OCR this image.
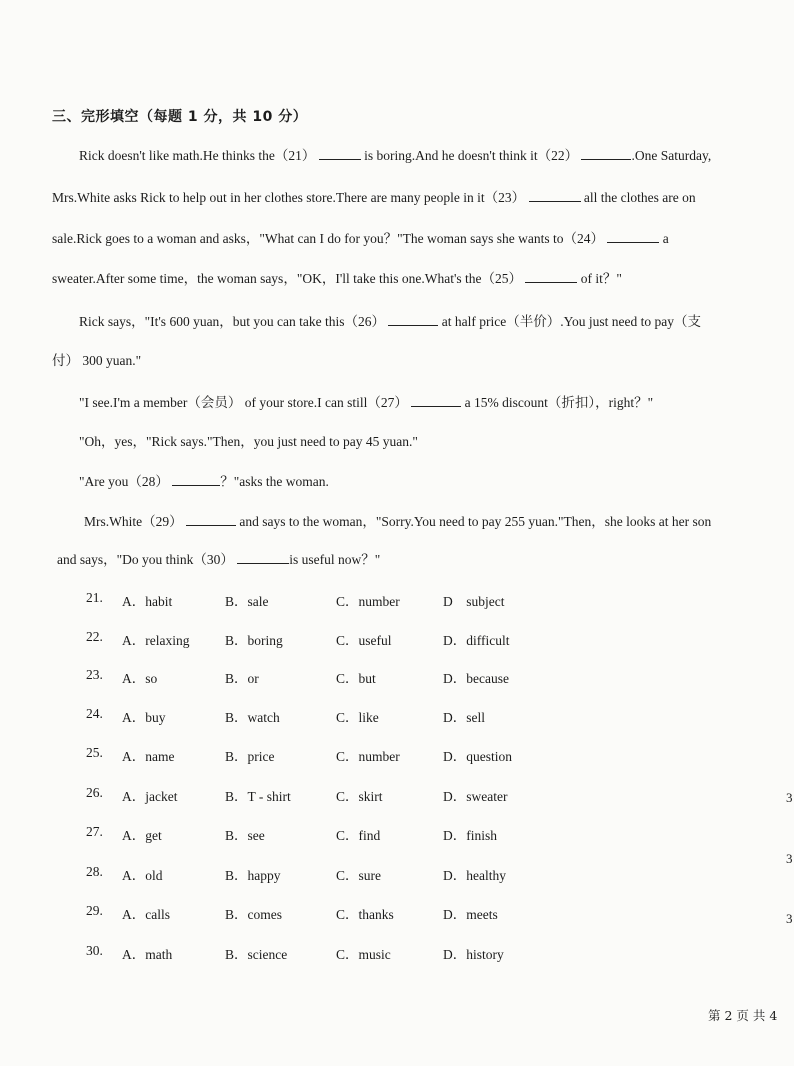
三、完形填空（每题 1 分，共 10 分）
Rick doesn't like math.He thinks the（21）	is boring.And he doesn't think it（22）	.One Saturday,
Mrs.White asks Rick to help out in her clothes store.There are many people in it（23）	all the clothes are on
sale.Rick goes to a woman and asks，"What can I do for you？"The woman says she wants to（24）	a
sweater.After some time，the woman says，"OK，I'll take this one.What's the（25）	of it？"
Rick says，"It's 600 yuan，but you can take this（26）	at half price（半价）.You just need to pay（支
付） 300 yuan."
"I see.I'm a member（会员） of your store.I can still（27）	a 15% discount（折扣），right？"
"Oh，yes，"Rick says."Then，you just need to pay 45 yuan."
"Are you（28）	？"asks the woman.
Mrs.White（29）	and says to the woman，"Sorry.You need to pay 255 yuan."Then，she looks at her son
and says，"Do you think（30）	is useful now？"
21. A．habit	B．sale	C．number	D　subject
22. A．relaxing	B．boring	C．useful	D．difficult
23. A．so	B．or	C．but	D．because
24. A．buy	B．watch	C．like	D．sell
25. A．name	B．price	C．number	D．question
26. A．jacket	B．T - shirt	C．skirt	D．sweater
27. A．get	B．see	C．find	D．finish
28. A．old	B．happy	C．sure	D．healthy
29. A．calls	B．comes	C．thanks	D．meets
30. A．math	B．science	C．music	D．history
3
3
3
第 2 页 共 4
